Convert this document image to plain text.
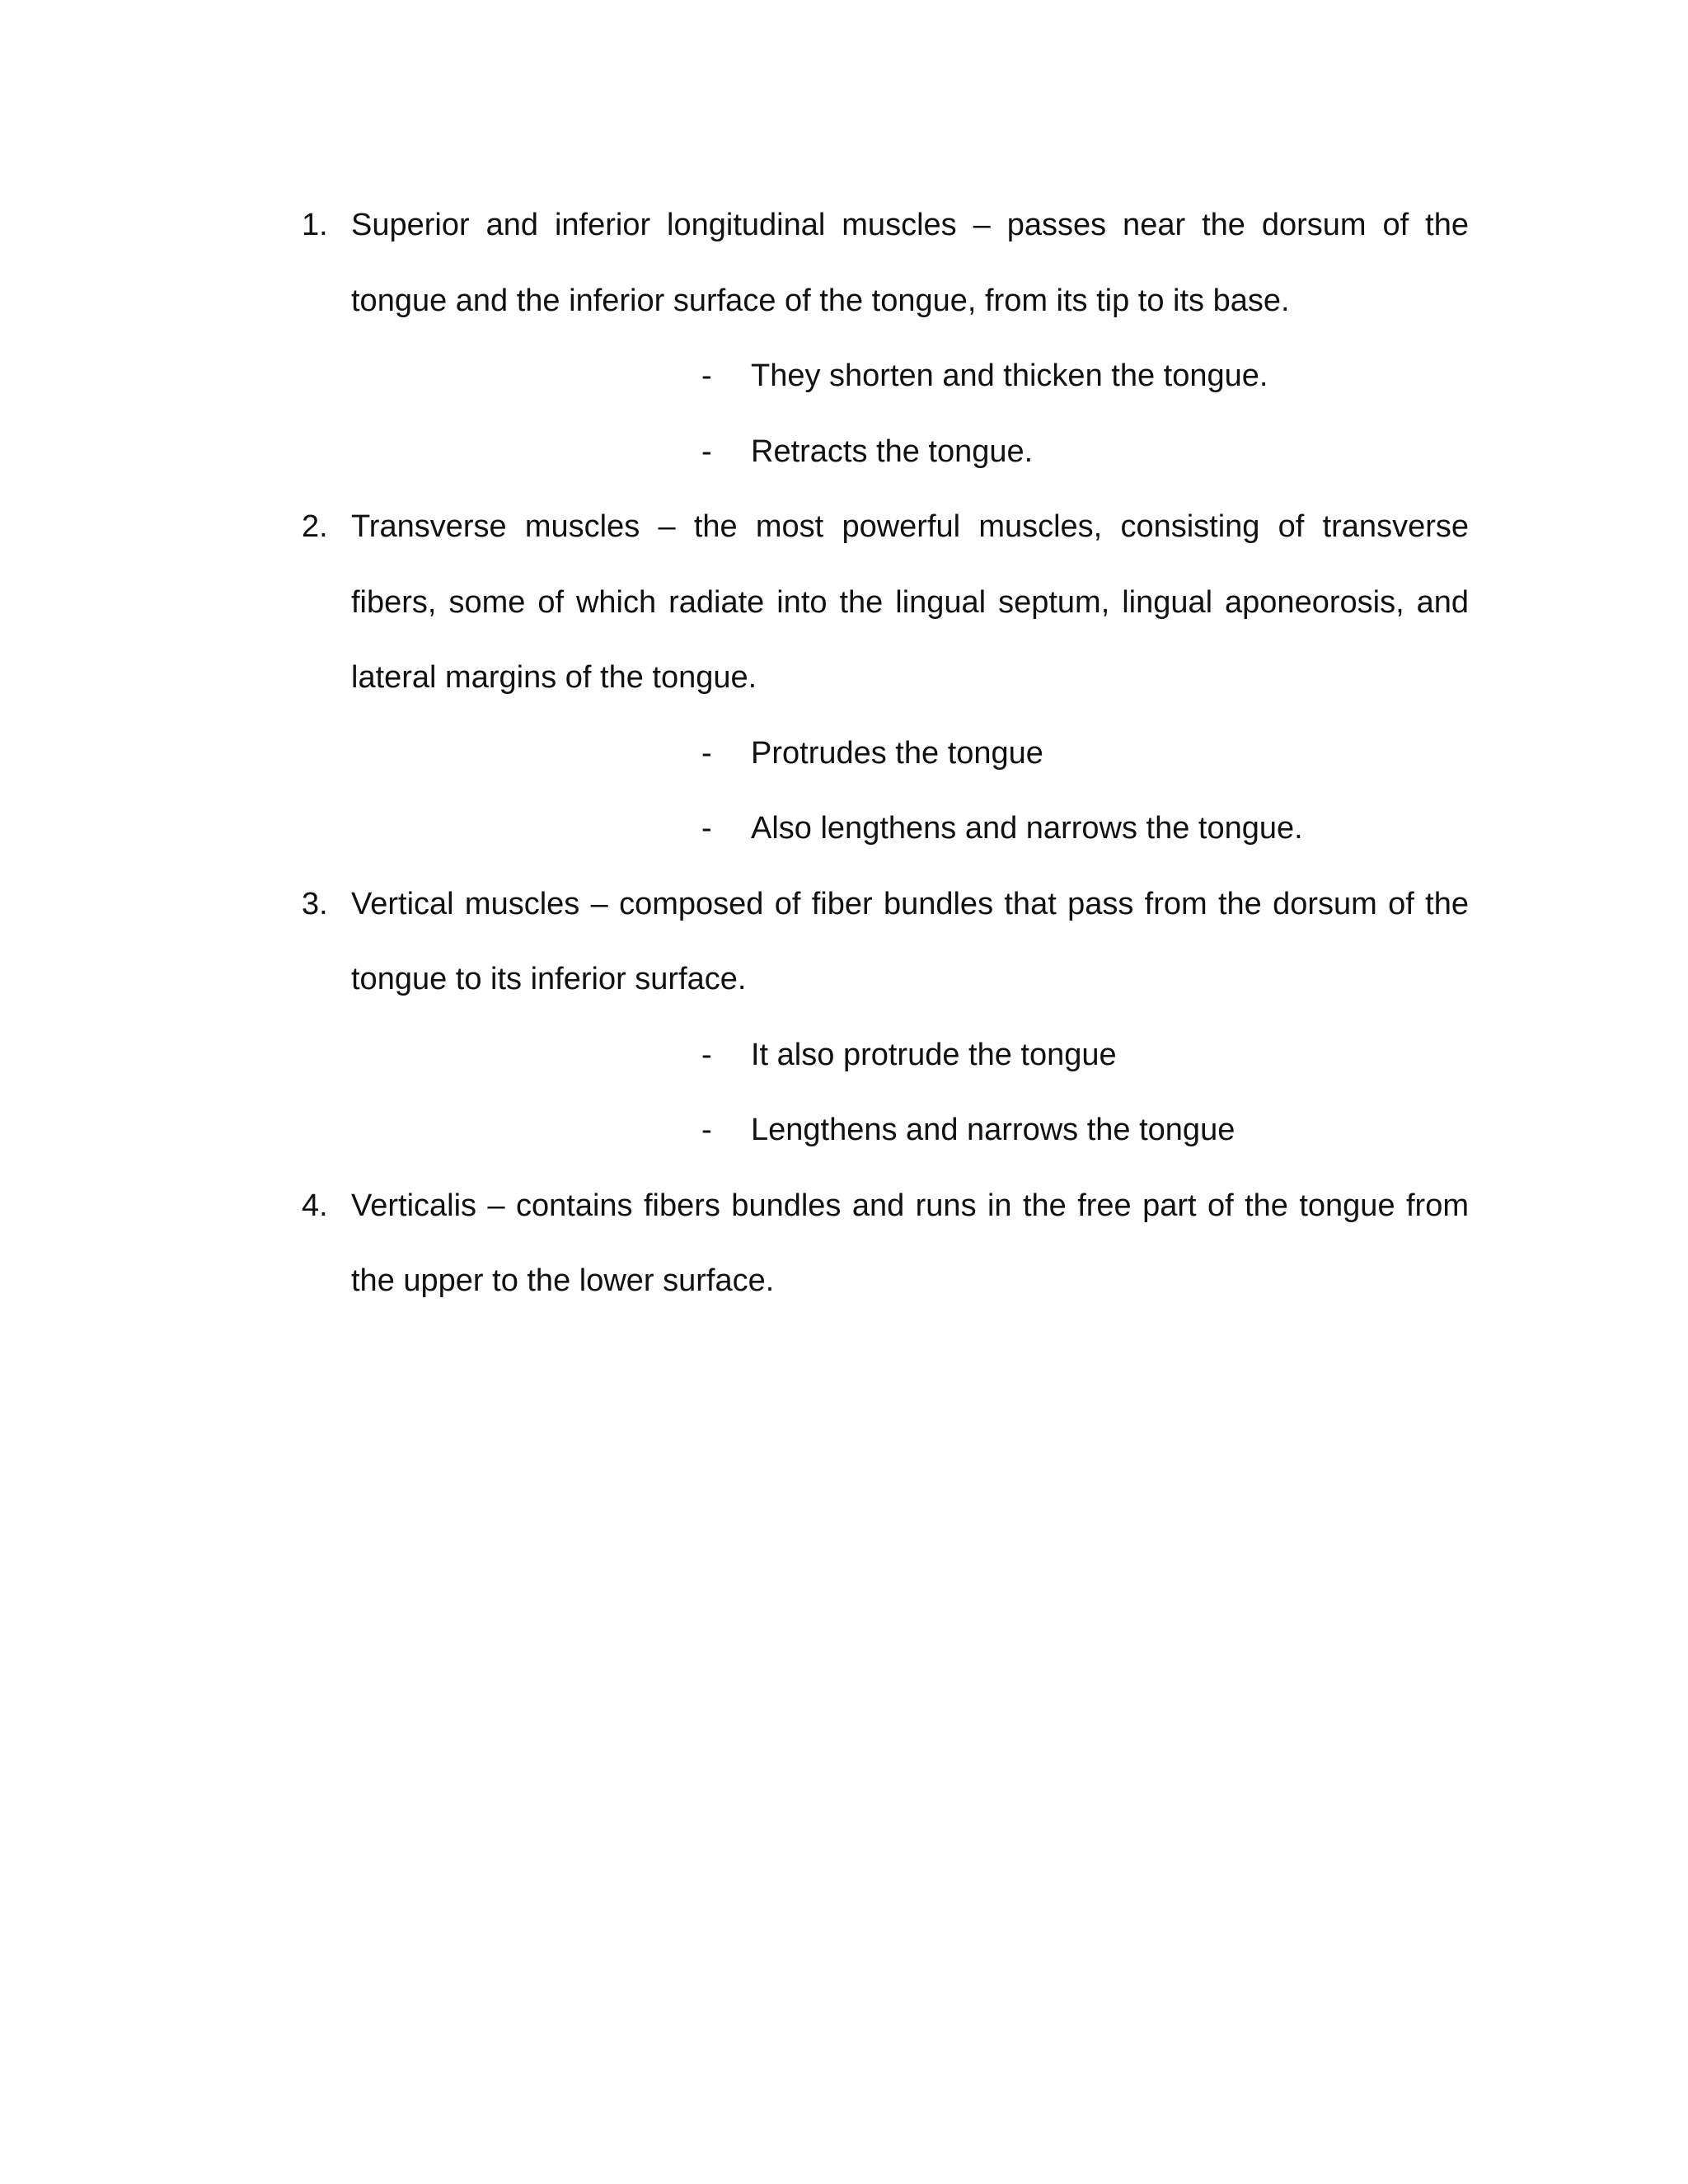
1. Superior and inferior longitudinal muscles – passes near the dorsum of the tongue and the inferior surface of the tongue, from its tip to its base.
-	They shorten and thicken the tongue.
-	Retracts the tongue.
2. Transverse muscles – the most powerful muscles, consisting of transverse fibers, some of which radiate into the lingual septum, lingual aponeorosis, and lateral margins of the tongue.
-	Protrudes the tongue
-	Also lengthens and narrows the tongue.
3. Vertical muscles – composed of fiber bundles that pass from the dorsum of the tongue to its inferior surface.
-	It also protrude the tongue
-	Lengthens and narrows the tongue
4. Verticalis – contains fibers bundles and runs in the free part of the tongue from the upper to the lower surface.
